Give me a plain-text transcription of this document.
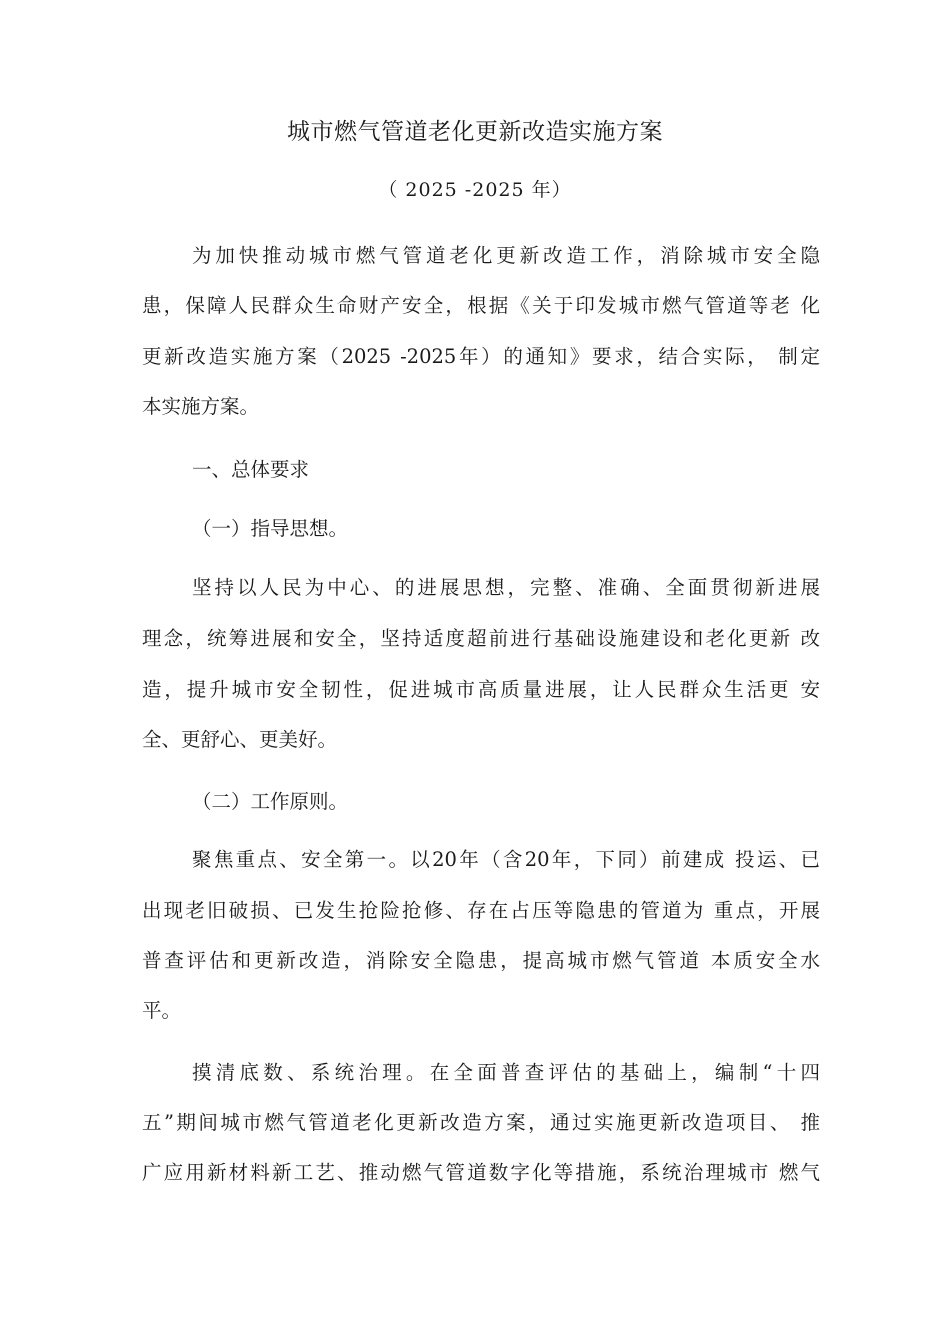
城市燃气管道老化更新改造实施方案
（ 2025 -2025 年）
为加快推动城市燃气管道老化更新改造工作，消除城市安全隐
患，保障人民群众生命财产安全，根据《关于印发城市燃气管道等老 化
更新改造实施方案（2025 -2025年）的通知》要求，结合实际， 制定
本实施方案。
一、总体要求
（一）指导思想。
坚持以人民为中心、的进展思想，完整、准确、全面贯彻新进展
理念，统筹进展和安全，坚持适度超前进行基础设施建设和老化更新 改
造，提升城市安全韧性，促进城市高质量进展，让人民群众生活更 安
全、更舒心、更美好。
（二）工作原则。
聚焦重点、安全第一。以20年（含20年，下同）前建成 投运、已
出现老旧破损、已发生抢险抢修、存在占压等隐患的管道为 重点，开展
普查评估和更新改造，消除安全隐患，提高城市燃气管道 本质安全水
平。
摸清底数、系统治理。在全面普查评估的基础上，编制“十四
五”期间城市燃气管道老化更新改造方案，通过实施更新改造项目、 推
广应用新材料新工艺、推动燃气管道数字化等措施，系统治理城市 燃气
